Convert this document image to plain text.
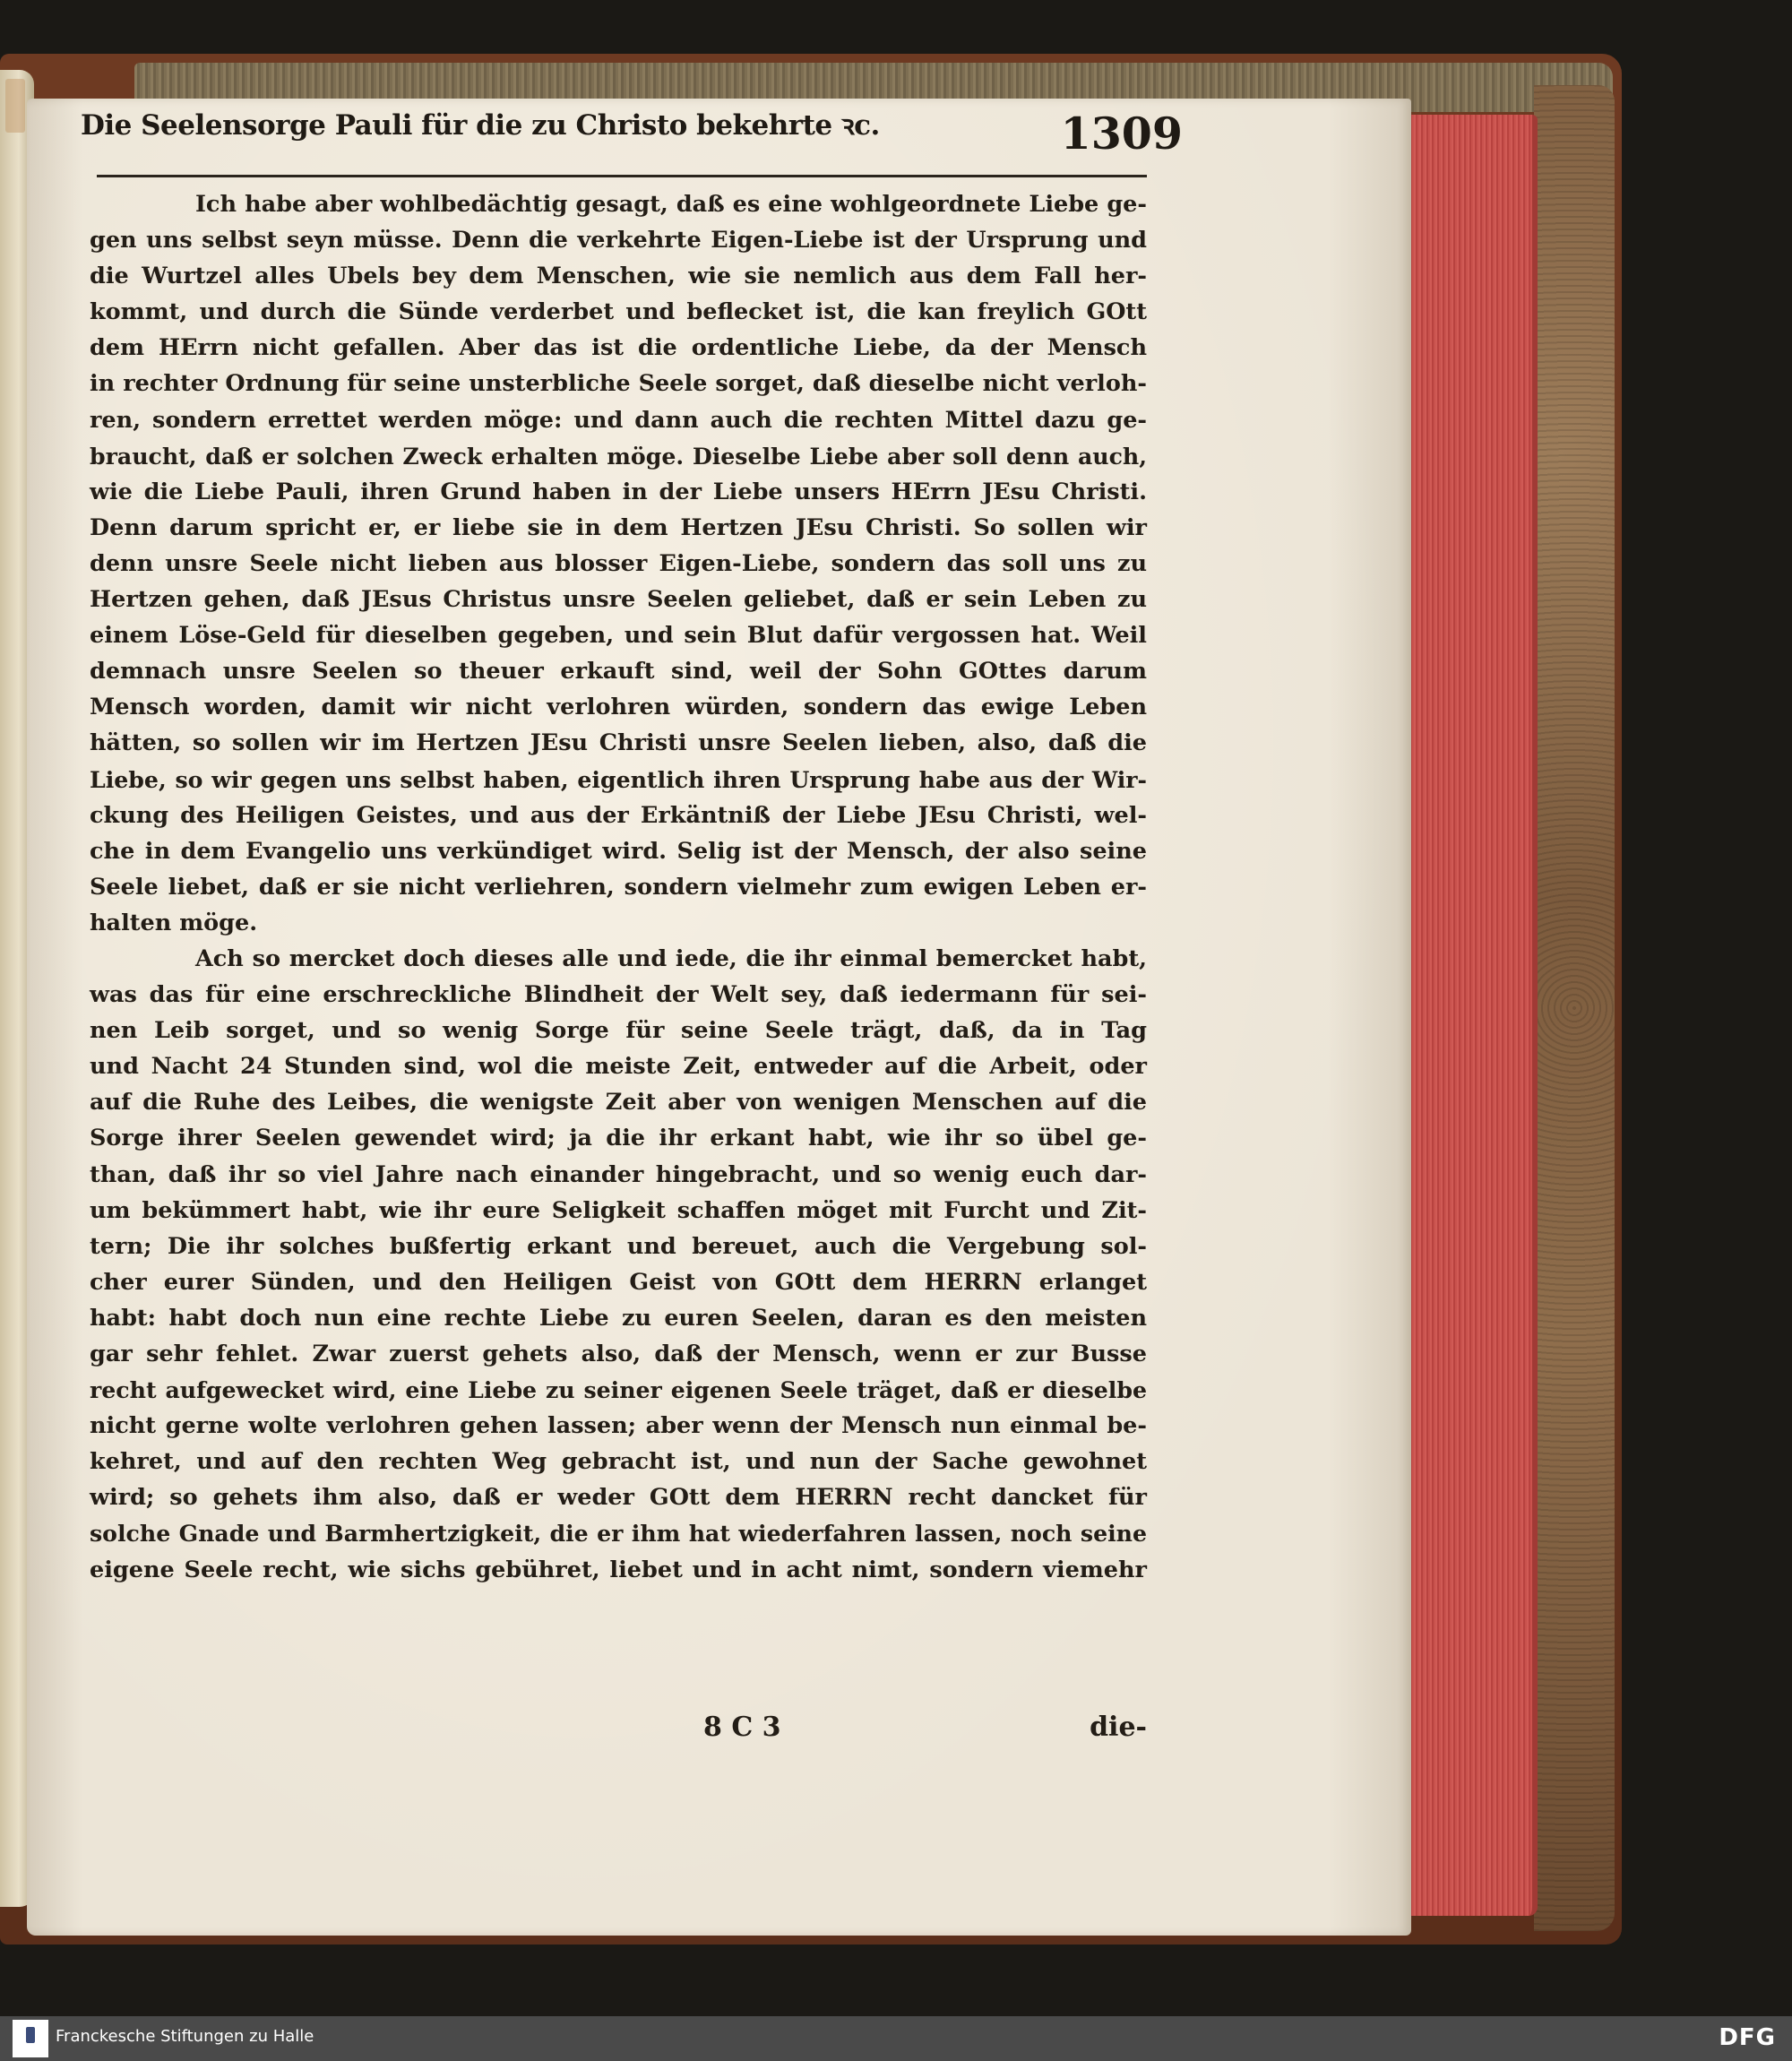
Die Seelensorge Pauli für die zu Christo bekehrte ꝛc.	1309
Ich habe aber wohlbedächtig gesagt, daß es eine wohlgeordnete Liebe ge-
gen uns selbst seyn müsse. Denn die verkehrte Eigen-Liebe ist der Ursprung und
die Wurtzel alles Ubels bey dem Menschen, wie sie nemlich aus dem Fall her-
kommt, und durch die Sünde verderbet und beflecket ist, die kan freylich GOtt
dem HErrn nicht gefallen. Aber das ist die ordentliche Liebe, da der Mensch
in rechter Ordnung für seine unsterbliche Seele sorget, daß dieselbe nicht verloh-
ren, sondern errettet werden möge: und dann auch die rechten Mittel dazu ge-
braucht, daß er solchen Zweck erhalten möge. Dieselbe Liebe aber soll denn auch,
wie die Liebe Pauli, ihren Grund haben in der Liebe unsers HErrn JEsu Christi.
Denn darum spricht er, er liebe sie in dem Hertzen JEsu Christi. So sollen wir
denn unsre Seele nicht lieben aus blosser Eigen-Liebe, sondern das soll uns zu
Hertzen gehen, daß JEsus Christus unsre Seelen geliebet, daß er sein Leben zu
einem Löse-Geld für dieselben gegeben, und sein Blut dafür vergossen hat. Weil
demnach unsre Seelen so theuer erkauft sind, weil der Sohn GOttes darum
Mensch worden, damit wir nicht verlohren würden, sondern das ewige Leben
hätten, so sollen wir im Hertzen JEsu Christi unsre Seelen lieben, also, daß die
Liebe, so wir gegen uns selbst haben, eigentlich ihren Ursprung habe aus der Wir-
ckung des Heiligen Geistes, und aus der Erkäntniß der Liebe JEsu Christi, wel-
che in dem Evangelio uns verkündiget wird. Selig ist der Mensch, der also seine
Seele liebet, daß er sie nicht verliehren, sondern vielmehr zum ewigen Leben er-
halten möge.
Ach so mercket doch dieses alle und iede, die ihr einmal bemercket habt,
was das für eine erschreckliche Blindheit der Welt sey, daß iedermann für sei-
nen Leib sorget, und so wenig Sorge für seine Seele trägt, daß, da in Tag
und Nacht 24 Stunden sind, wol die meiste Zeit, entweder auf die Arbeit, oder
auf die Ruhe des Leibes, die wenigste Zeit aber von wenigen Menschen auf die
Sorge ihrer Seelen gewendet wird; ja die ihr erkant habt, wie ihr so übel ge-
than, daß ihr so viel Jahre nach einander hingebracht, und so wenig euch dar-
um bekümmert habt, wie ihr eure Seligkeit schaffen möget mit Furcht und Zit-
tern; Die ihr solches bußfertig erkant und bereuet, auch die Vergebung sol-
cher eurer Sünden, und den Heiligen Geist von GOtt dem HERRN erlanget
habt: habt doch nun eine rechte Liebe zu euren Seelen, daran es den meisten
gar sehr fehlet. Zwar zuerst gehets also, daß der Mensch, wenn er zur Busse
recht aufgewecket wird, eine Liebe zu seiner eigenen Seele träget, daß er dieselbe
nicht gerne wolte verlohren gehen lassen; aber wenn der Mensch nun einmal be-
kehret, und auf den rechten Weg gebracht ist, und nun der Sache gewohnet
wird; so gehets ihm also, daß er weder GOtt dem HERRN recht dancket für
solche Gnade und Barmhertzigkeit, die er ihm hat wiederfahren lassen, noch seine
eigene Seele recht, wie sichs gebühret, liebet und in acht nimt, sondern viemehr
8 C 3	die-
Franckesche Stiftungen zu Halle	DFG
